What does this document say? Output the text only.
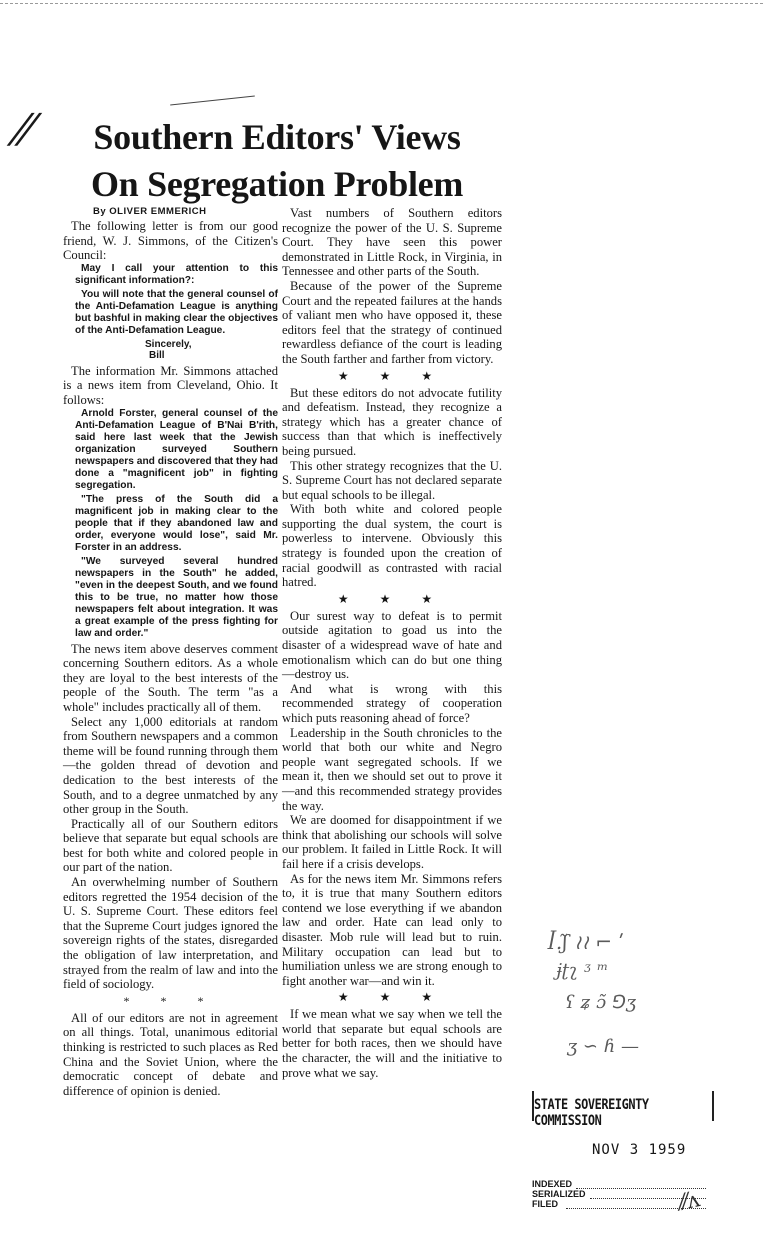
//	Southern Editors' Views
On Segregation Problem
By OLIVER EMMERICH
The following letter is from our good friend, W. J. Simmons, of the Citizen's Council:
May I call your attention to this significant information?:
You will note that the general counsel of the Anti-Defamation League is anything but bashful in making clear the objectives of the Anti-Defamation League.
Sincerely,
Bill
The information Mr. Simmons attached is a news item from Cleveland, Ohio. It follows:
Arnold Forster, general counsel of the Anti-Defamation League of B'Nai B'rith, said here last week that the Jewish organization surveyed Southern newspapers and discovered that they had done a "magnificent job" in fighting segregation.
"The press of the South did a magnificent job in making clear to the people that if they abandoned law and order, everyone would lose", said Mr. Forster in an address.
"We surveyed several hundred newspapers in the South" he added, "even in the deepest South, and we found this to be true, no matter how those newspapers felt about integration. It was a great example of the press fighting for law and order."
The news item above deserves comment concerning Southern editors. As a whole they are loyal to the best interests of the people of the South. The term "as a whole" includes practically all of them.
Select any 1,000 editorials at random from Southern newspapers and a common theme will be found running through them—the golden thread of devotion and dedication to the best interests of the South, and to a degree unmatched by any other group in the South.
Practically all of our Southern editors believe that separate but equal schools are best for both white and colored people in our part of the nation.
An overwhelming number of Southern editors regretted the 1954 decision of the U. S. Supreme Court. These editors feel that the Supreme Court judges ignored the sovereign rights of the states, disregarded the obligation of law interpretation, and strayed from the realm of law and into the field of sociology.
* * *
All of our editors are not in agreement on all things. Total, unanimous editorial thinking is restricted to such places as Red China and the Soviet Union, where the democratic concept of debate and difference of opinion is denied.
Vast numbers of Southern editors recognize the power of the U. S. Supreme Court. They have seen this power demonstrated in Little Rock, in Virginia, in Tennessee and other parts of the South.
Because of the power of the Supreme Court and the repeated failures at the hands of valiant men who have opposed it, these editors feel that the strategy of continued rewardless defiance of the court is leading the South farther and farther from victory.
★ ★ ★
But these editors do not advocate futility and defeatism. Instead, they recognize a strategy which has a greater chance of success than that which is ineffectively being pursued.
This other strategy recognizes that the U. S. Supreme Court has not declared separate but equal schools to be illegal.
With both white and colored people supporting the dual system, the court is powerless to intervene. Obviously this strategy is founded upon the creation of racial goodwill as contrasted with racial hatred.
★ ★ ★
Our surest way to defeat is to permit outside agitation to goad us into the disaster of a widespread wave of hate and emotionalism which can do but one thing—destroy us.
And what is wrong with this recommended strategy of cooperation which puts reasoning ahead of force?
Leadership in the South chronicles to the world that both our white and Negro people want segregated schools. If we mean it, then we should set out to prove it—and this recommended strategy provides the way.
We are doomed for disappointment if we think that abolishing our schools will solve our problem. It failed in Little Rock. It will fail here if a crisis develops.
As for the news item Mr. Simmons refers to, it is true that many Southern editors contend we lose everything if we abandon law and order. Hate can lead only to disaster. Mob rule will lead but to ruin. Military occupation can lead but to humiliation unless we are strong enough to fight another war—and win it.
★ ★ ★
If we mean what we say when we tell the world that separate but equal schools are better for both races, then we should have the character, the will and the initiative to prove what we say.
ꟾ.ʃ̃ ≀≀ ⌐ ʹ
ɉʈʅ ᶾ ᵐ
ʕ ʑ ɔ̃ ⅁ʒ
ʒ ∽ ɦ —
STATE SOVEREIGNTY COMMISSION
NOV 3 1959
INDEXED
SERIALIZED
FILED	⁄⁄ʌ
